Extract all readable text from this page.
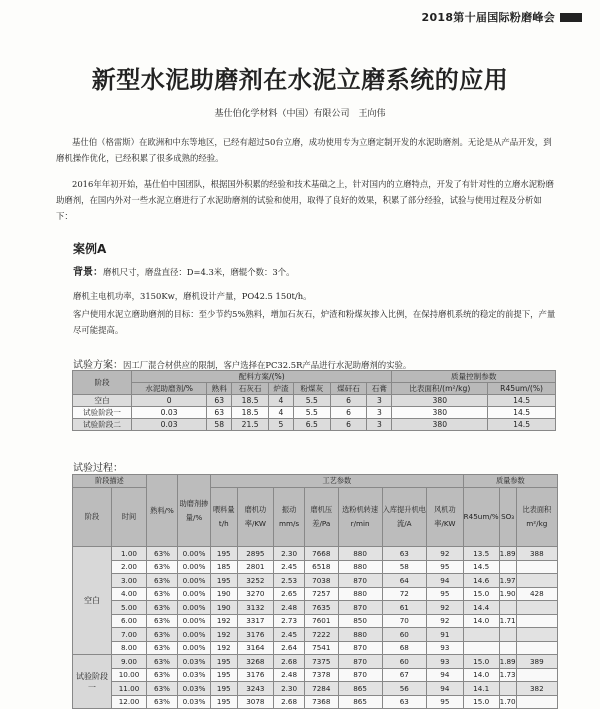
2018第十届国际粉磨峰会
新型水泥助磨剂在水泥立磨系统的应用
基仕伯化学材料（中国）有限公司　王向伟
基仕伯（格雷斯）在欧洲和中东等地区，已经有超过50台立磨，成功使用专为立磨定制开发的水泥助磨剂。无论是从产品开发，到磨机操作优化，已经积累了很多成熟的经验。
2016年年初开始，基仕伯中国团队，根据国外积累的经验和技术基础之上，针对国内的立磨特点，开发了有针对性的立磨水泥粉磨助磨剂，在国内外对一些水泥立磨进行了水泥助磨剂的试验和使用，取得了良好的效果，积累了部分经验，试验与使用过程及分析如下：
案例A
背景：磨机尺寸，磨盘直径：D=4.3米，磨辊个数：3个。
磨机主电机功率，3150Kw，磨机设计产量，PO42.5 150t/h。
客户使用水泥立磨助磨剂的目标：至少节约5%熟料，增加石灰石，炉渣和粉煤灰掺入比例，在保持磨机系统的稳定的前提下，产量尽可能提高。
试验方案：因工厂混合材供应的限制，客户选择在PC32.5R产品进行水泥助磨剂的实验。
阶段	配料方案/(%)							质量控制参数	
	水泥助磨剂/%	熟料	石灰石	炉渣	粉煤灰	煤矸石	石膏	比表面积/(m²/kg)	R45um/(%)
空白	0	63	18.5	4	5.5	6	3	380	14.5
试验阶段一	0.03	63	18.5	4	5.5	6	3	380	14.5
试验阶段二	0.03	58	21.5	5	6.5	6	3	380	14.5
试验过程：
阶段描述		熟料/%	助磨剂掺量/%	工艺参数							质量参数		
阶段	时间			喂料量t/h	磨机功率/KW	振动mm/s	磨机压差/Pa	选粉机转速r/min	入库提升机电流/A	风机功率/KW	R45um/%	SO₃	比表面积m²/kg
空白	1.00	63%	0.00%	195	2895	2.30	7668	880	63	92	13.5	1.89	388
	2.00	63%	0.00%	185	2801	2.45	6518	880	58	95	14.5		
	3.00	63%	0.00%	195	3252	2.53	7038	870	64	94	14.6	1.97	
	4.00	63%	0.00%	190	3270	2.65	7257	880	72	95	15.0	1.90	428
	5.00	63%	0.00%	190	3132	2.48	7635	870	61	92	14.4		
	6.00	63%	0.00%	192	3317	2.73	7601	850	70	92	14.0	1.71	
	7.00	63%	0.00%	192	3176	2.45	7222	880	60	91			
	8.00	63%	0.00%	192	3164	2.64	7541	870	68	93			
试验阶段一	9.00	63%	0.03%	195	3268	2.68	7375	870	60	93	15.0	1.89	389
	10.00	63%	0.03%	195	3176	2.48	7378	870	67	94	14.0	1.73	
	11.00	63%	0.03%	195	3243	2.30	7284	865	56	94	14.1		382
	12.00	63%	0.03%	195	3078	2.68	7368	865	63	95	15.0	1.70	
